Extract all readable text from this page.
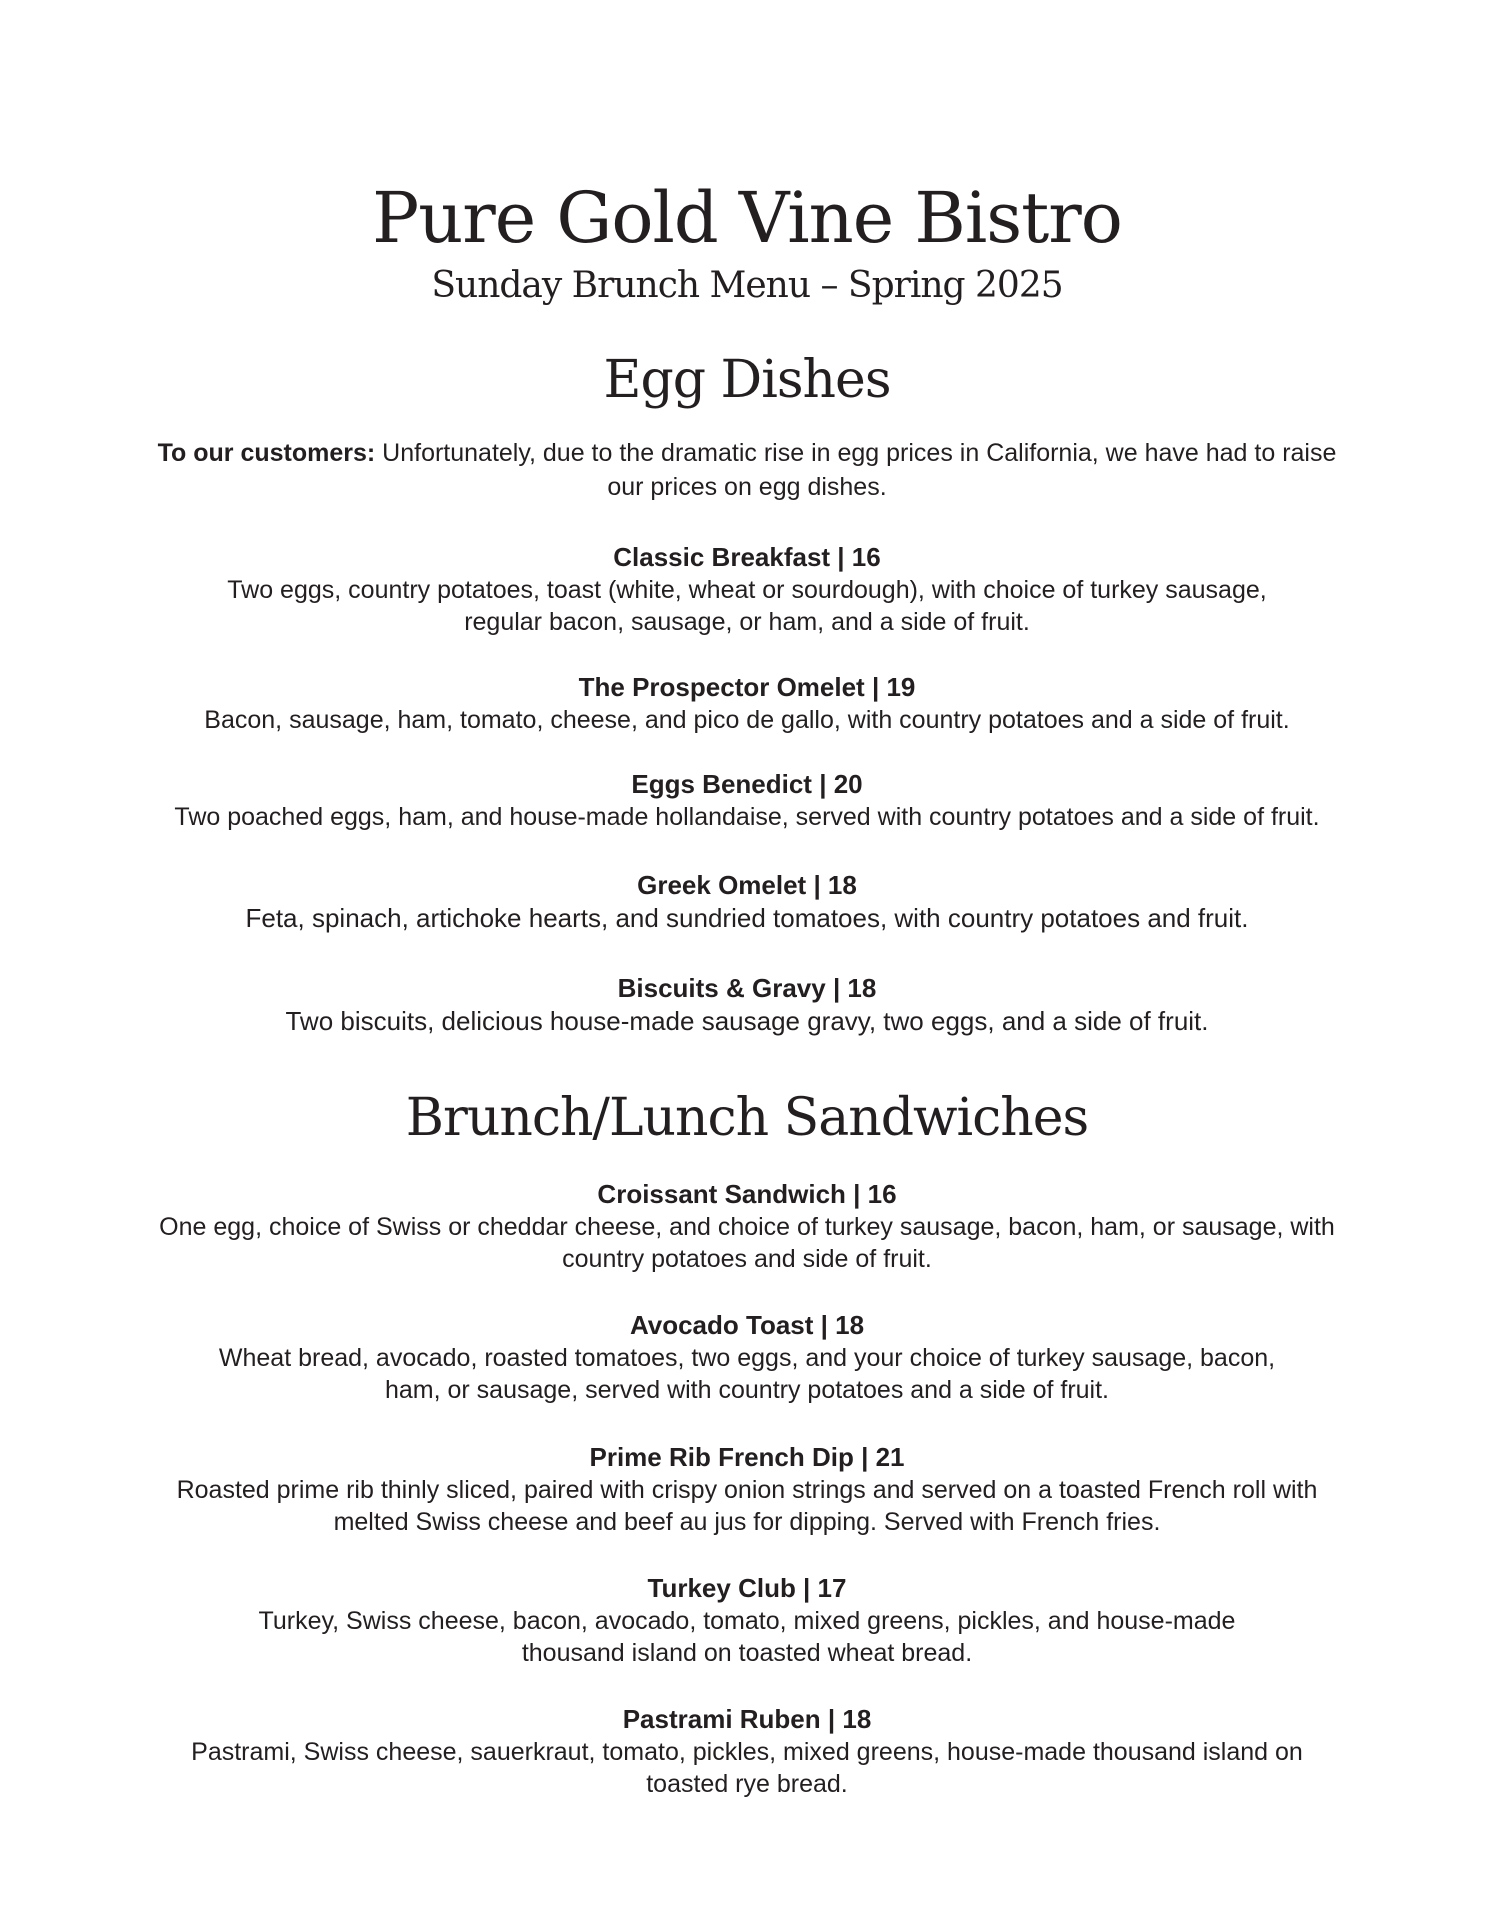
Pure Gold Vine Bistro
Sunday Brunch Menu – Spring 2025
Egg Dishes

To our customers: Unfortunately, due to the dramatic rise in egg prices in California, we have had to raise our prices on egg dishes.

Classic Breakfast | 16

Two eggs, country potatoes, toast (white, wheat or sourdough), with choice of turkey sausage, regular bacon, sausage, or ham, and a side of fruit.

The Prospector Omelet | 19

Bacon, sausage, ham, tomato, cheese, and pico de gallo, with country potatoes and a side of fruit.

Eggs Benedict | 20

Two poached eggs, ham, and house-made hollandaise, served with country potatoes and a side of fruit.

Greek Omelet | 18

Feta, spinach, artichoke hearts, and sundried tomatoes, with country potatoes and fruit.

Biscuits & Gravy | 18

Two biscuits, delicious house-made sausage gravy, two eggs, and a side of fruit.

Brunch/Lunch Sandwiches

Croissant Sandwich | 16

One egg, choice of Swiss or cheddar cheese, and choice of turkey sausage, bacon, ham, or sausage, with country potatoes and side of fruit.

Avocado Toast | 18

Wheat bread, avocado, roasted tomatoes, two eggs, and your choice of turkey sausage, bacon, ham, or sausage, served with country potatoes and a side of fruit.

Prime Rib French Dip | 21

Roasted prime rib thinly sliced, paired with crispy onion strings and served on a toasted French roll with melted Swiss cheese and beef au jus for dipping. Served with French fries.

Turkey Club | 17

Turkey, Swiss cheese, bacon, avocado, tomato, mixed greens, pickles, and house-made thousand island on toasted wheat bread.

Pastrami Ruben | 18

Pastrami, Swiss cheese, sauerkraut, tomato, pickles, mixed greens, house-made thousand island on toasted rye bread.
